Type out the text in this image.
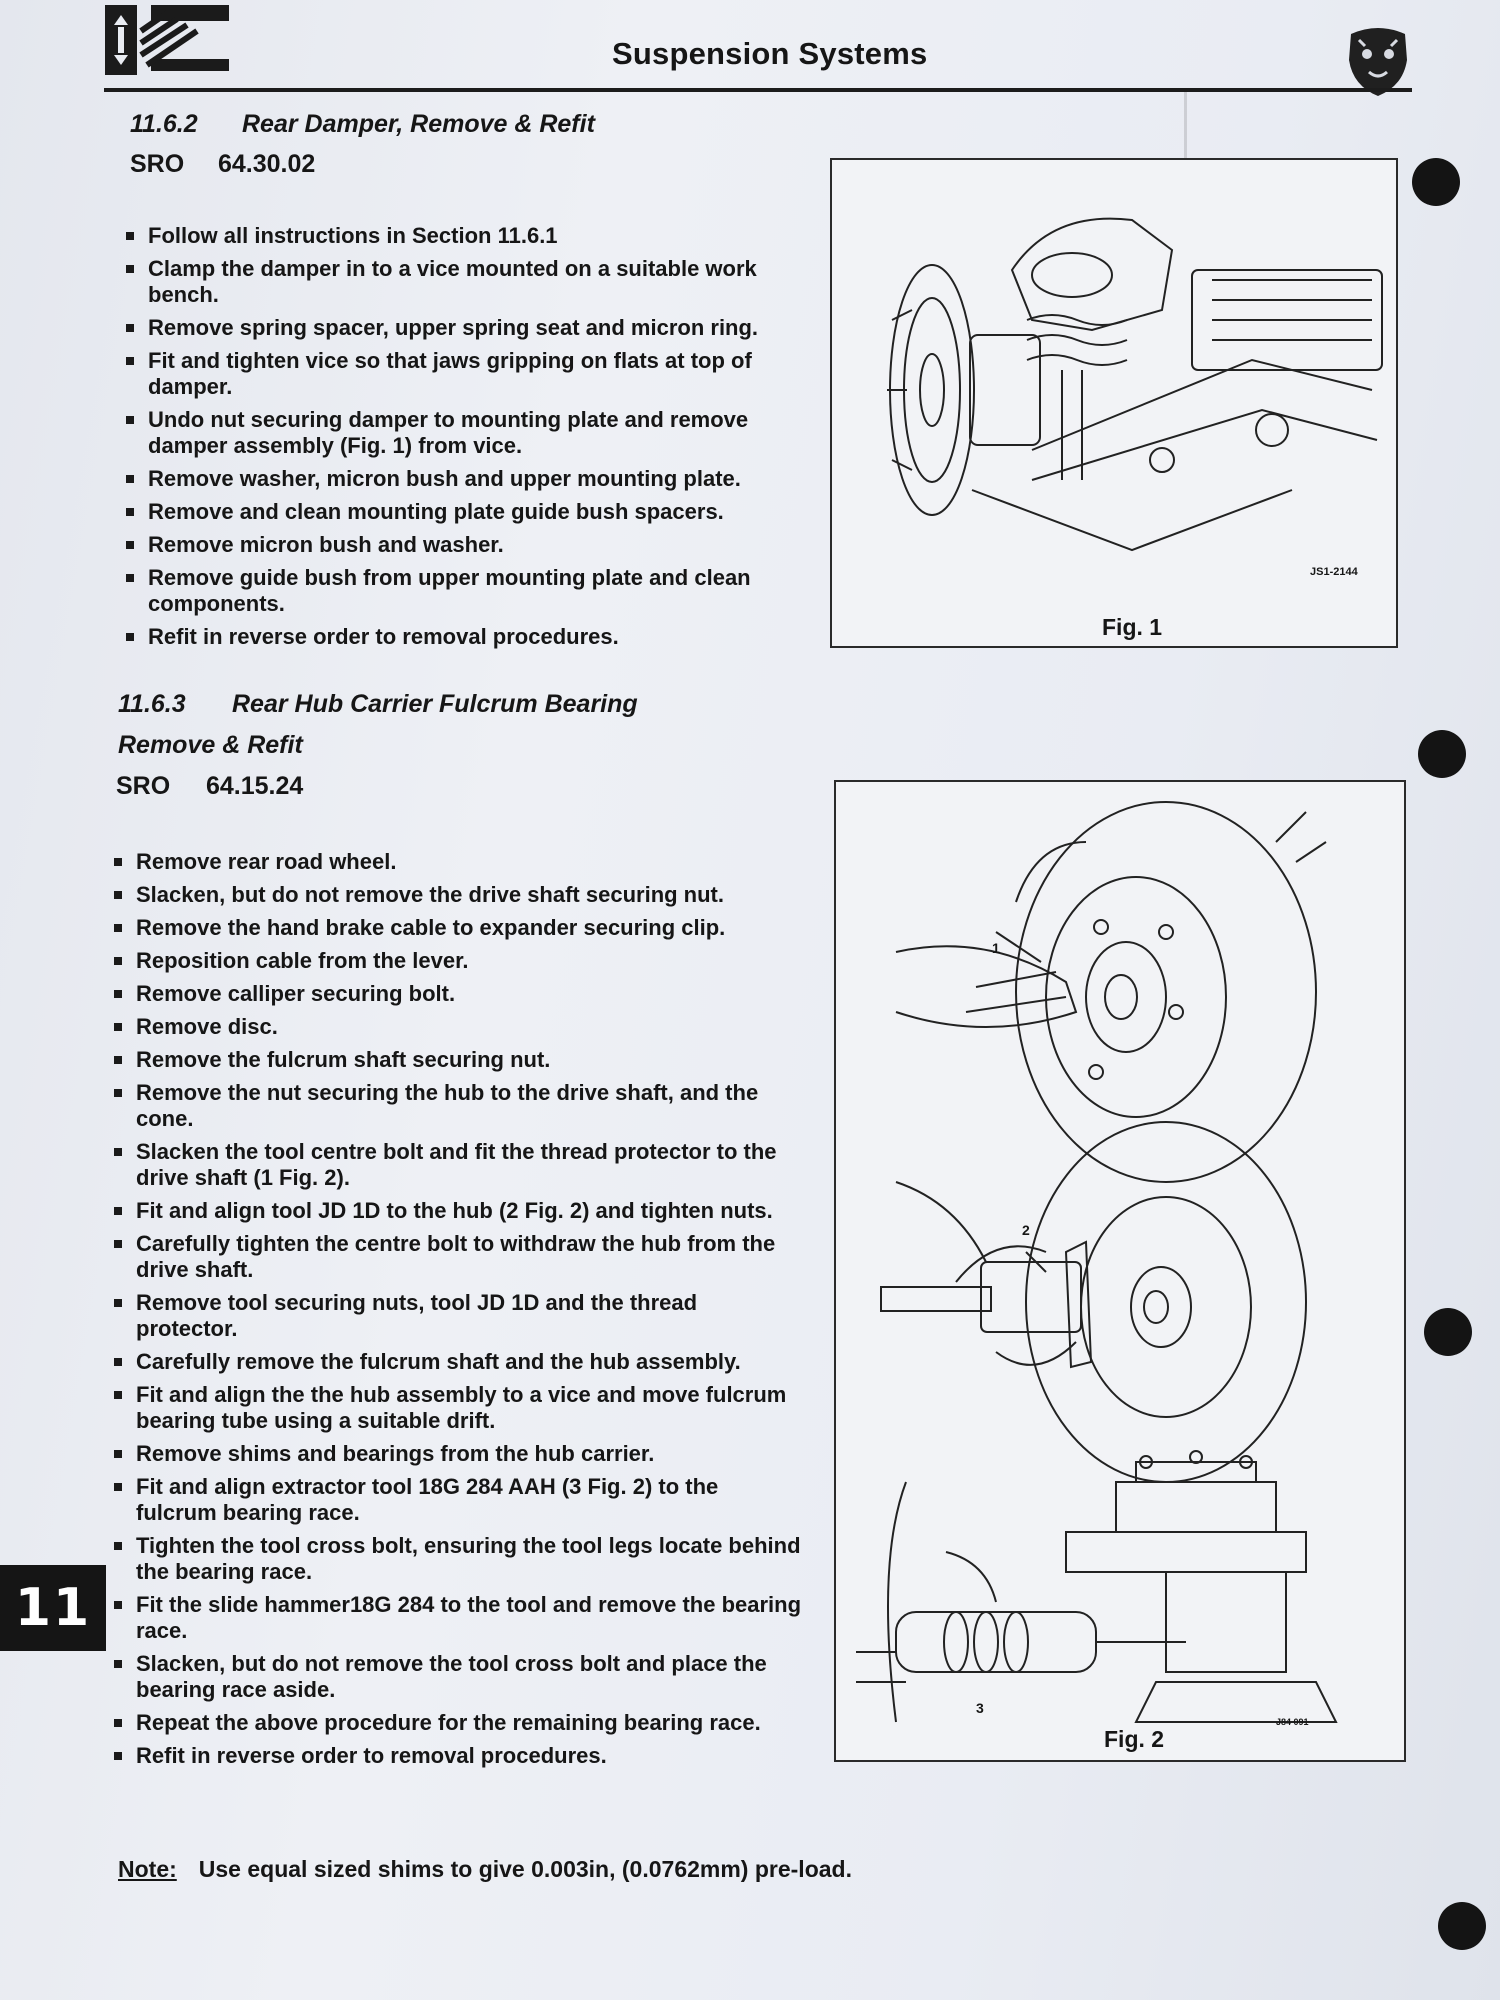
Suspension Systems
11.6.2 Rear Damper, Remove & Refit
SRO 64.30.02
Follow all instructions in Section 11.6.1
Clamp the damper in to a vice mounted on a suitable work bench.
Remove spring spacer, upper spring seat and micron ring.
Fit and tighten vice so that jaws gripping on flats at top of damper.
Undo nut securing damper to mounting plate and remove damper assembly (Fig. 1) from vice.
Remove washer, micron bush and upper mounting plate.
Remove and clean mounting plate guide bush spacers.
Remove micron bush and washer.
Remove guide bush from upper mounting plate and clean components.
Refit in reverse order to removal procedures.
JS1-2144
Fig. 1
11.6.3 Rear Hub Carrier Fulcrum Bearing
Remove & Refit
SRO 64.15.24
Remove rear road wheel.
Slacken, but do not remove the drive shaft securing nut.
Remove the hand brake cable to expander securing clip.
Reposition cable from the lever.
Remove calliper securing bolt.
Remove disc.
Remove the fulcrum shaft securing nut.
Remove the nut securing the hub to the drive shaft, and the cone.
Slacken the tool centre bolt and fit the thread protector to the drive shaft (1 Fig. 2).
Fit and align tool JD 1D to the hub (2 Fig. 2) and tighten nuts.
Carefully tighten the centre bolt to withdraw the hub from the drive shaft.
Remove tool securing nuts, tool JD 1D and the thread protector.
Carefully remove the fulcrum shaft and the hub assembly.
Fit and align the the hub assembly to a vice and move fulcrum bearing tube using a suitable drift.
Remove shims and bearings from the hub carrier.
Fit and align extractor tool 18G 284 AAH (3 Fig. 2) to the fulcrum bearing race.
Tighten the tool cross bolt, ensuring the tool legs locate behind the bearing race.
Fit the slide hammer18G 284 to the tool and remove the bearing race.
Slacken, but do not remove the tool cross bolt and place the bearing race aside.
Repeat the above procedure for the remaining bearing race.
Refit in reverse order to removal procedures.
1
2
3
J84 091
Fig. 2
11
Note: Use equal sized shims to give 0.003in, (0.0762mm) pre-load.
